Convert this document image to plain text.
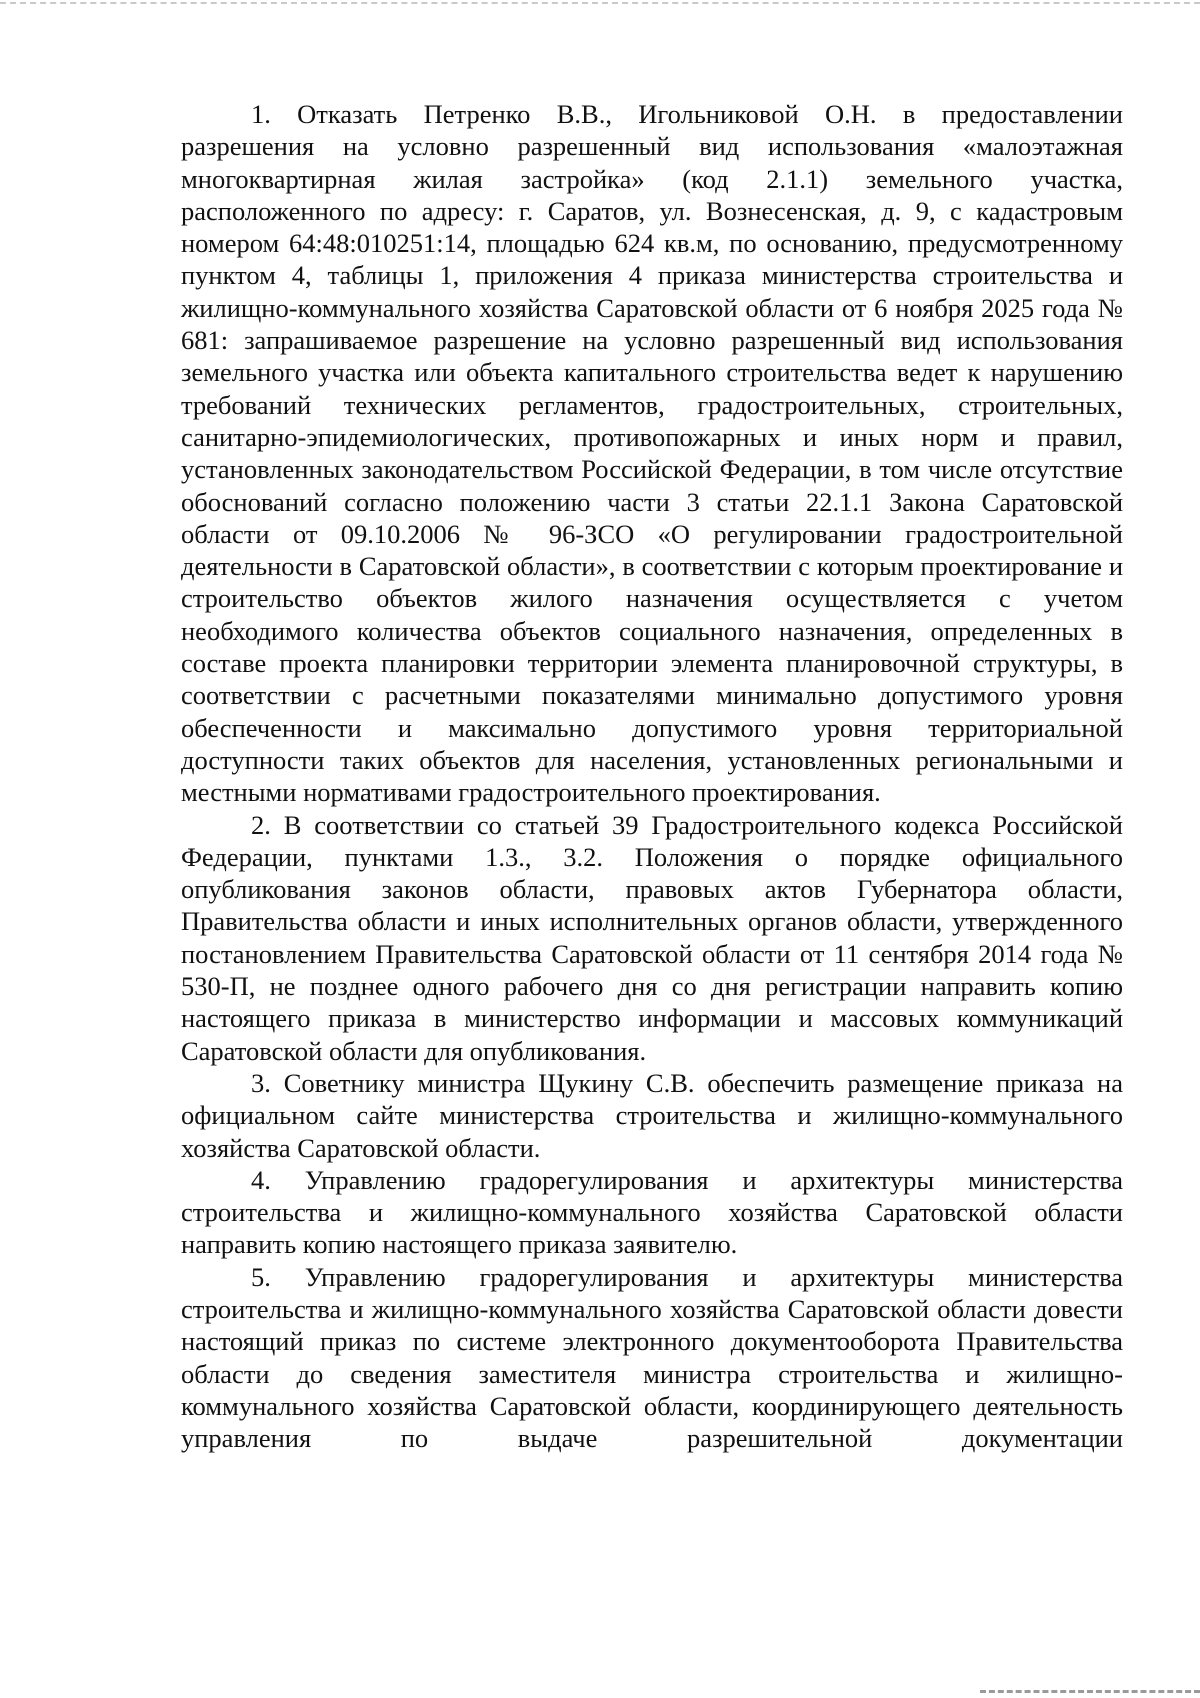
1. Отказать Петренко В.В., Игольниковой О.Н. в предоставлении разрешения на условно разрешенный вид использования «малоэтажная многоквартирная жилая застройка» (код 2.1.1) земельного участка, расположенного по адресу: г. Саратов, ул. Вознесенская, д. 9, с кадастровым номером 64:48:010251:14, площадью 624 кв.м, по основанию, предусмотренному пунктом 4, таблицы 1, приложения 4 приказа министерства строительства и жилищно-коммунального хозяйства Саратовской области от 6 ноября 2025 года № 681: запрашиваемое разрешение на условно разрешенный вид использования земельного участка или объекта капитального строительства ведет к нарушению требований технических регламентов, градостроительных, строительных, санитарно-эпидемиологических, противопожарных и иных норм и правил, установленных законодательством Российской Федерации, в том числе отсутствие обоснований согласно положению части 3 статьи 22.1.1 Закона Саратовской области от 09.10.2006 № 96-ЗСО «О регулировании градостроительной деятельности в Саратовской области», в соответствии с которым проектирование и строительство объектов жилого назначения осуществляется с учетом необходимого количества объектов социального назначения, определенных в составе проекта планировки территории элемента планировочной структуры, в соответствии с расчетными показателями минимально допустимого уровня обеспеченности и максимально допустимого уровня территориальной доступности таких объектов для населения, установленных региональными и местными нормативами градостроительного проектирования.

2. В соответствии со статьей 39 Градостроительного кодекса Российской Федерации, пунктами 1.3., 3.2. Положения о порядке официального опубликования законов области, правовых актов Губернатора области, Правительства области и иных исполнительных органов области, утвержденного постановлением Правительства Саратовской области от 11 сентября 2014 года № 530-П, не позднее одного рабочего дня со дня регистрации направить копию настоящего приказа в министерство информации и массовых коммуникаций Саратовской области для опубликования.

3. Советнику министра Щукину С.В. обеспечить размещение приказа на официальном сайте министерства строительства и жилищно-коммунального хозяйства Саратовской области.

4. Управлению градорегулирования и архитектуры министерства строительства и жилищно-коммунального хозяйства Саратовской области направить копию настоящего приказа заявителю.

5. Управлению градорегулирования и архитектуры министерства строительства и жилищно-коммунального хозяйства Саратовской области довести настоящий приказ по системе электронного документооборота Правительства области до сведения заместителя министра строительства и жилищно-коммунального хозяйства Саратовской области, координирующего деятельность управления по выдаче разрешительной документации
